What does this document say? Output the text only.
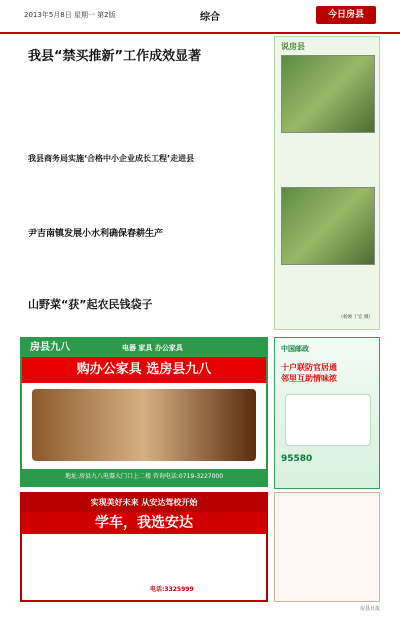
2013年5月8日 星期一 第2版	综合	今日房县
我县“禁买推新”工作成效显著
我县商务局实施‘合格中小企业成长工程’走进县
尹吉南镇发展小水利确保春耕生产
山野菜“获”起农民钱袋子
说房县
（杨俊 丁宏 摄）
房县九八	电器 家具 办公家具
购办公家具 选房县九八
地址:房县九八电器大门口上二楼 咨询电话:0719-3227000
中国邮政
十户联防官居通
邻里互助情味浓
95580
实现美好未来 从安达驾校开始
学车，我选安达
电话:3325999
房县日报
